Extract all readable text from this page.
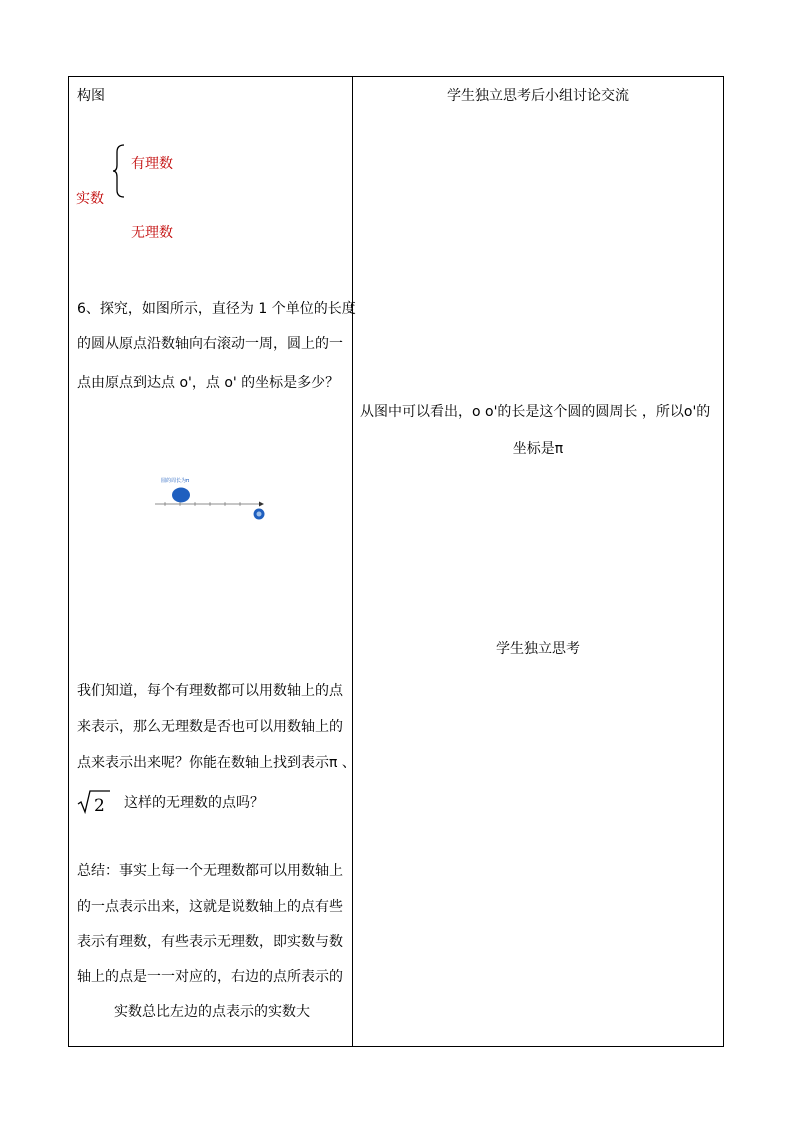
构图
有理数
实数
无理数
6、探究，如图所示，直径为 1 个单位的长度
的圆从原点沿数轴向右滚动一周，圆上的一
点由原点到达点 o'，点 o' 的坐标是多少？
圆的周长为π
我们知道，每个有理数都可以用数轴上的点
来表示，那么无理数是否也可以用数轴上的
点来表示出来呢？你能在数轴上找到表示π 、
2 这样的无理数的点吗？
总结：事实上每一个无理数都可以用数轴上
的一点表示出来，这就是说数轴上的点有些
表示有理数，有些表示无理数，即实数与数
轴上的点是一一对应的，右边的点所表示的
实数总比左边的点表示的实数大
学生独立思考后小组讨论交流
从图中可以看出，o o'的长是这个圆的圆周长 ，所以o'的
坐标是π
学生独立思考
